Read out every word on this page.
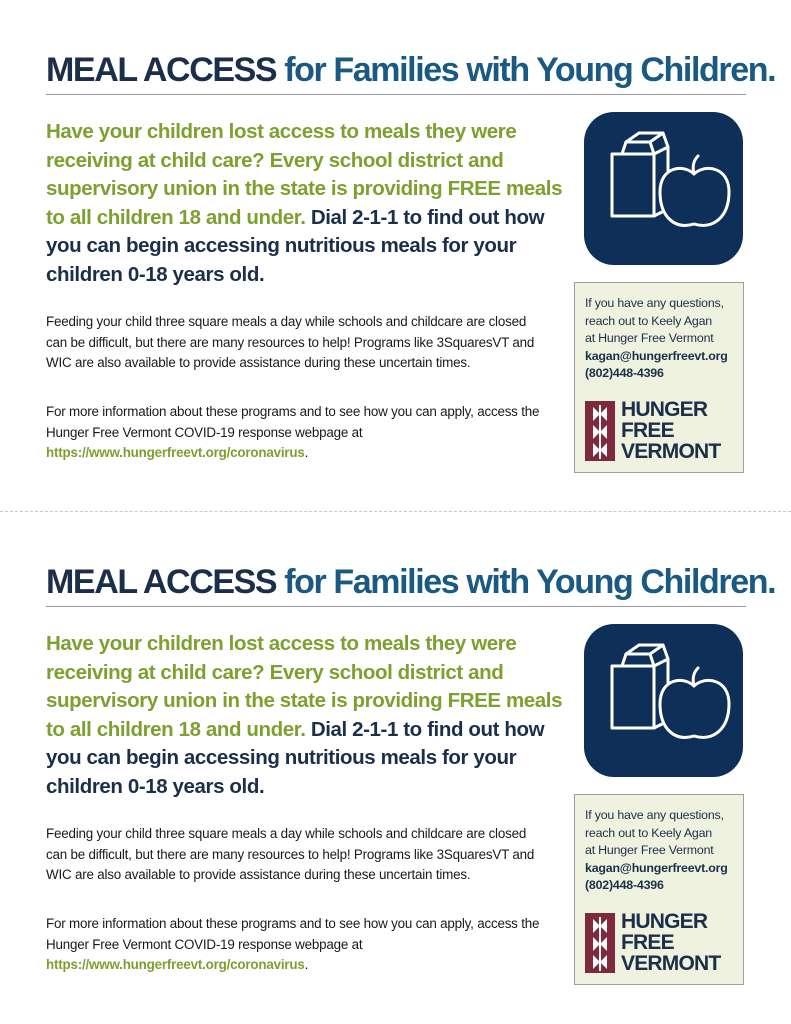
MEAL ACCESS for Families with Young Children.

Have your children lost access to meals they were receiving at child care? Every school district and supervisory union in the state is providing FREE meals to all children 18 and under. Dial 2-1-1 to find out how you can begin accessing nutritious meals for your children 0-18 years old.

Feeding your child three square meals a day while schools and childcare are closed can be difficult, but there are many resources to help! Programs like 3SquaresVT and WIC are also available to provide assistance during these uncertain times.

For more information about these programs and to see how you can apply, access the Hunger Free Vermont COVID-19 response webpage at https://www.hungerfreevt.org/coronavirus.

If you have any questions,
reach out to Keely Agan
at Hunger Free Vermont
kagan@hungerfreevt.org
(802)448-4396

HUNGER
FREE
VERMONT
MEAL ACCESS for Families with Young Children.

Have your children lost access to meals they were receiving at child care? Every school district and supervisory union in the state is providing FREE meals to all children 18 and under. Dial 2-1-1 to find out how you can begin accessing nutritious meals for your children 0-18 years old.

Feeding your child three square meals a day while schools and childcare are closed can be difficult, but there are many resources to help! Programs like 3SquaresVT and WIC are also available to provide assistance during these uncertain times.

For more information about these programs and to see how you can apply, access the Hunger Free Vermont COVID-19 response webpage at https://www.hungerfreevt.org/coronavirus.

If you have any questions,
reach out to Keely Agan
at Hunger Free Vermont
kagan@hungerfreevt.org
(802)448-4396

HUNGER
FREE
VERMONT
